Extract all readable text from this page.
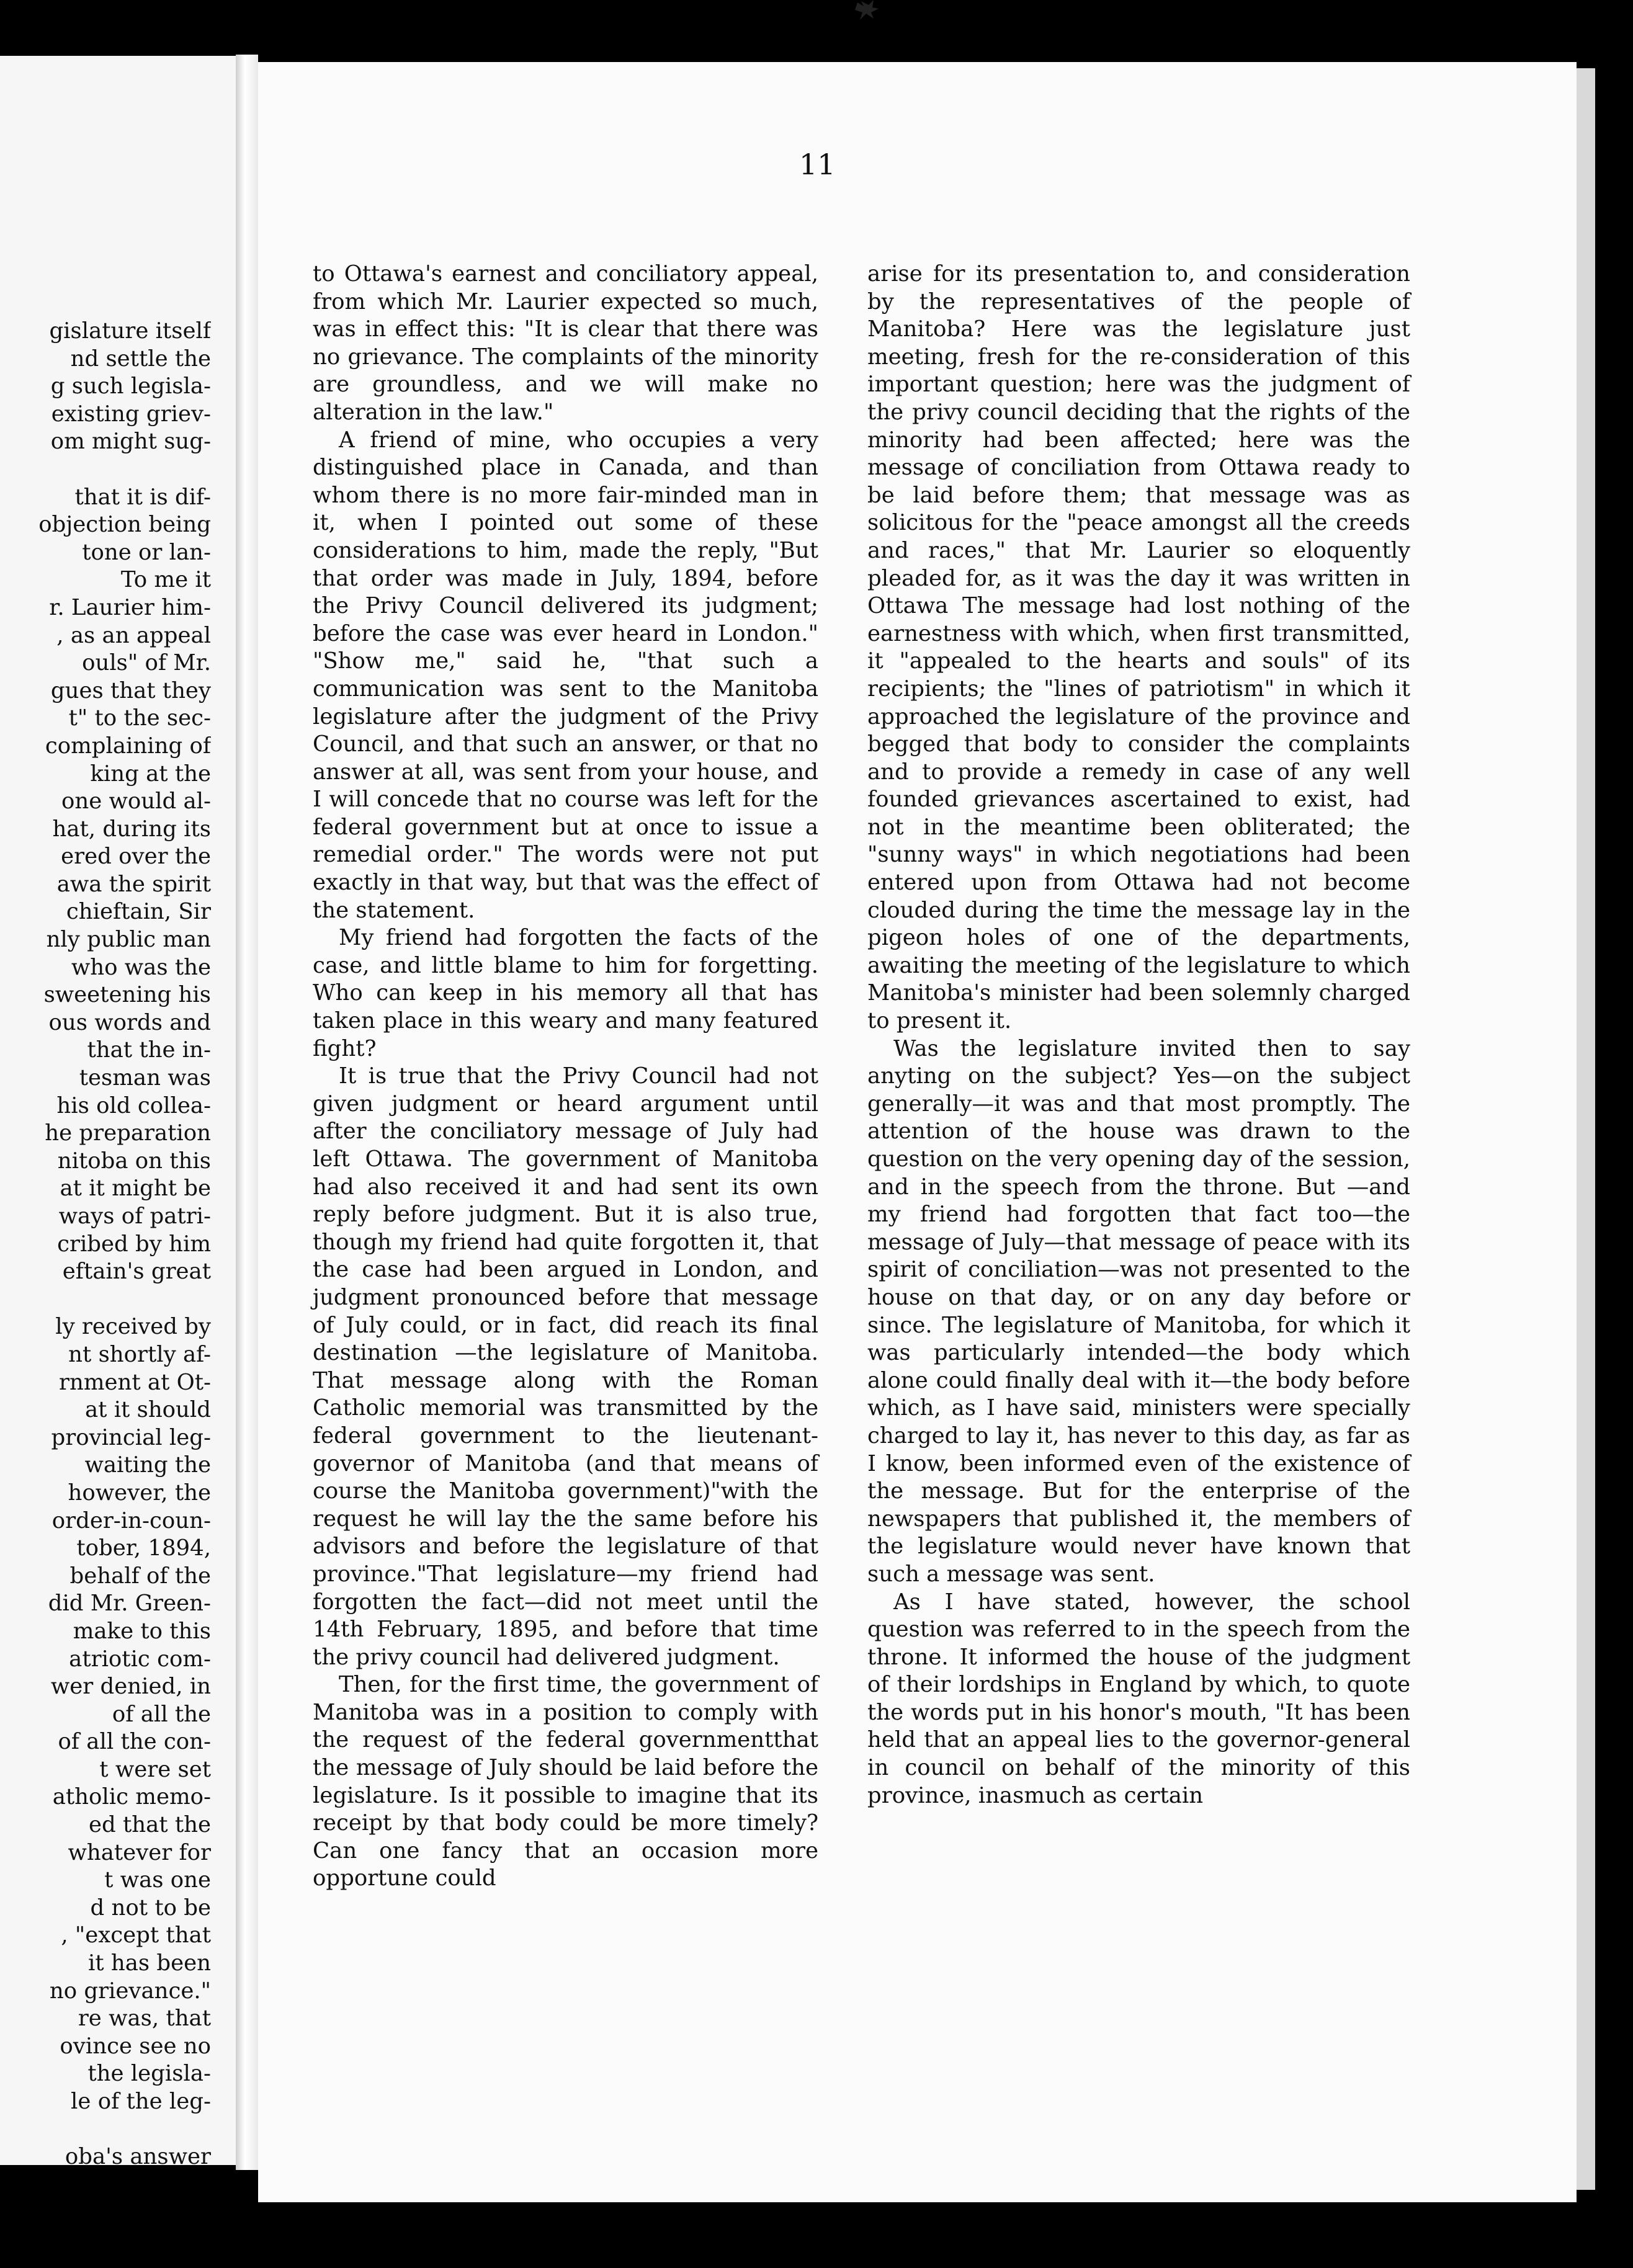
gislature itself
nd settle the
g such legisla-
existing griev-
om might sug-
that it is dif-
objection being
tone or lan-
To me it
r. Laurier him-
, as an appeal
ouls" of Mr.
gues that they
t" to the sec-
complaining of
king at the
one would al-
hat, during its
ered over the
awa the spirit
chieftain, Sir
nly public man
who was the
sweetening his
ous words and
that the in-
tesman was
his old collea-
he preparation
nitoba on this
at it might be
ways of patri-
cribed by him
eftain's great
ly received by
nt shortly af-
rnment at Ot-
at it should
provincial leg-
waiting the
however, the
order-in-coun-
tober, 1894,
behalf of the
did Mr. Green-
make to this
atriotic com-
wer denied, in
of all the
of all the con-
t were set
atholic memo-
ed that the
whatever for
t was one
d not to be
, "except that
it has been
no grievance."
re was, that
ovince see no
the legisla-
le of the leg-
oba's answer
11

to Ottawa's earnest and conciliatory appeal, from which Mr. Laurier expected so much, was in effect this: "It is clear that there was no grievance. The complaints of the minority are groundless, and we will make no alteration in the law."

A friend of mine, who occupies a very distinguished place in Canada, and than whom there is no more fair-minded man in it, when I pointed out some of these considerations to him, made the reply, "But that order was made in July, 1894, before the Privy Council delivered its judgment; before the case was ever heard in London." "Show me," said he, "that such a communication was sent to the Manitoba legislature after the judgment of the Privy Council, and that such an answer, or that no answer at all, was sent from your house, and I will concede that no course was left for the federal government but at once to issue a remedial order." The words were not put exactly in that way, but that was the effect of the statement.

My friend had forgotten the facts of the case, and little blame to him for forgetting. Who can keep in his memory all that has taken place in this weary and many featured fight?

It is true that the Privy Council had not given judgment or heard argument until after the conciliatory message of July had left Ottawa. The government of Manitoba had also received it and had sent its own reply before judgment. But it is also true, though my friend had quite forgotten it, that the case had been argued in London, and judgment pronounced before that message of July could, or in fact, did reach its final destination —the legislature of Manitoba. That message along with the Roman Catholic memorial was transmitted by the federal government to the lieutenant-governor of Manitoba (and that means of course the Manitoba government)"with the request he will lay the the same before his advisors and before the legislature of that province."That legislature—my friend had forgotten the fact—did not meet until the 14th February, 1895, and before that time the privy council had delivered judgment.

Then, for the first time, the government of Manitoba was in a position to comply with the request of the federal governmentthat the message of July should be laid before the legislature. Is it possible to imagine that its receipt by that body could be more timely? Can one fancy that an occasion more opportune could

arise for its presentation to, and consideration by the representatives of the people of Manitoba? Here was the legislature just meeting, fresh for the re-consideration of this important question; here was the judgment of the privy council deciding that the rights of the minority had been affected; here was the message of conciliation from Ottawa ready to be laid before them; that message was as solicitous for the "peace amongst all the creeds and races," that Mr. Laurier so eloquently pleaded for, as it was the day it was written in Ottawa The message had lost nothing of the earnestness with which, when first transmitted, it "appealed to the hearts and souls" of its recipients; the "lines of patriotism" in which it approached the legislature of the province and begged that body to consider the complaints and to provide a remedy in case of any well founded grievances ascertained to exist, had not in the meantime been obliterated; the "sunny ways" in which negotiations had been entered upon from Ottawa had not become clouded during the time the message lay in the pigeon holes of one of the departments, awaiting the meeting of the legislature to which Manitoba's minister had been solemnly charged to present it.

Was the legislature invited then to say anyting on the subject? Yes—on the subject generally—it was and that most promptly. The attention of the house was drawn to the question on the very opening day of the session, and in the speech from the throne. But —and my friend had forgotten that fact too—the message of July—that message of peace with its spirit of conciliation—was not presented to the house on that day, or on any day before or since. The legislature of Manitoba, for which it was particularly intended—the body which alone could finally deal with it—the body before which, as I have said, ministers were specially charged to lay it, has never to this day, as far as I know, been informed even of the existence of the message. But for the enterprise of the newspapers that published it, the members of the legislature would never have known that such a message was sent.

As I have stated, however, the school question was referred to in the speech from the throne. It informed the house of the judgment of their lordships in England by which, to quote the words put in his honor's mouth, "It has been held that an appeal lies to the governor-general in council on behalf of the minority of this province, inasmuch as certain
